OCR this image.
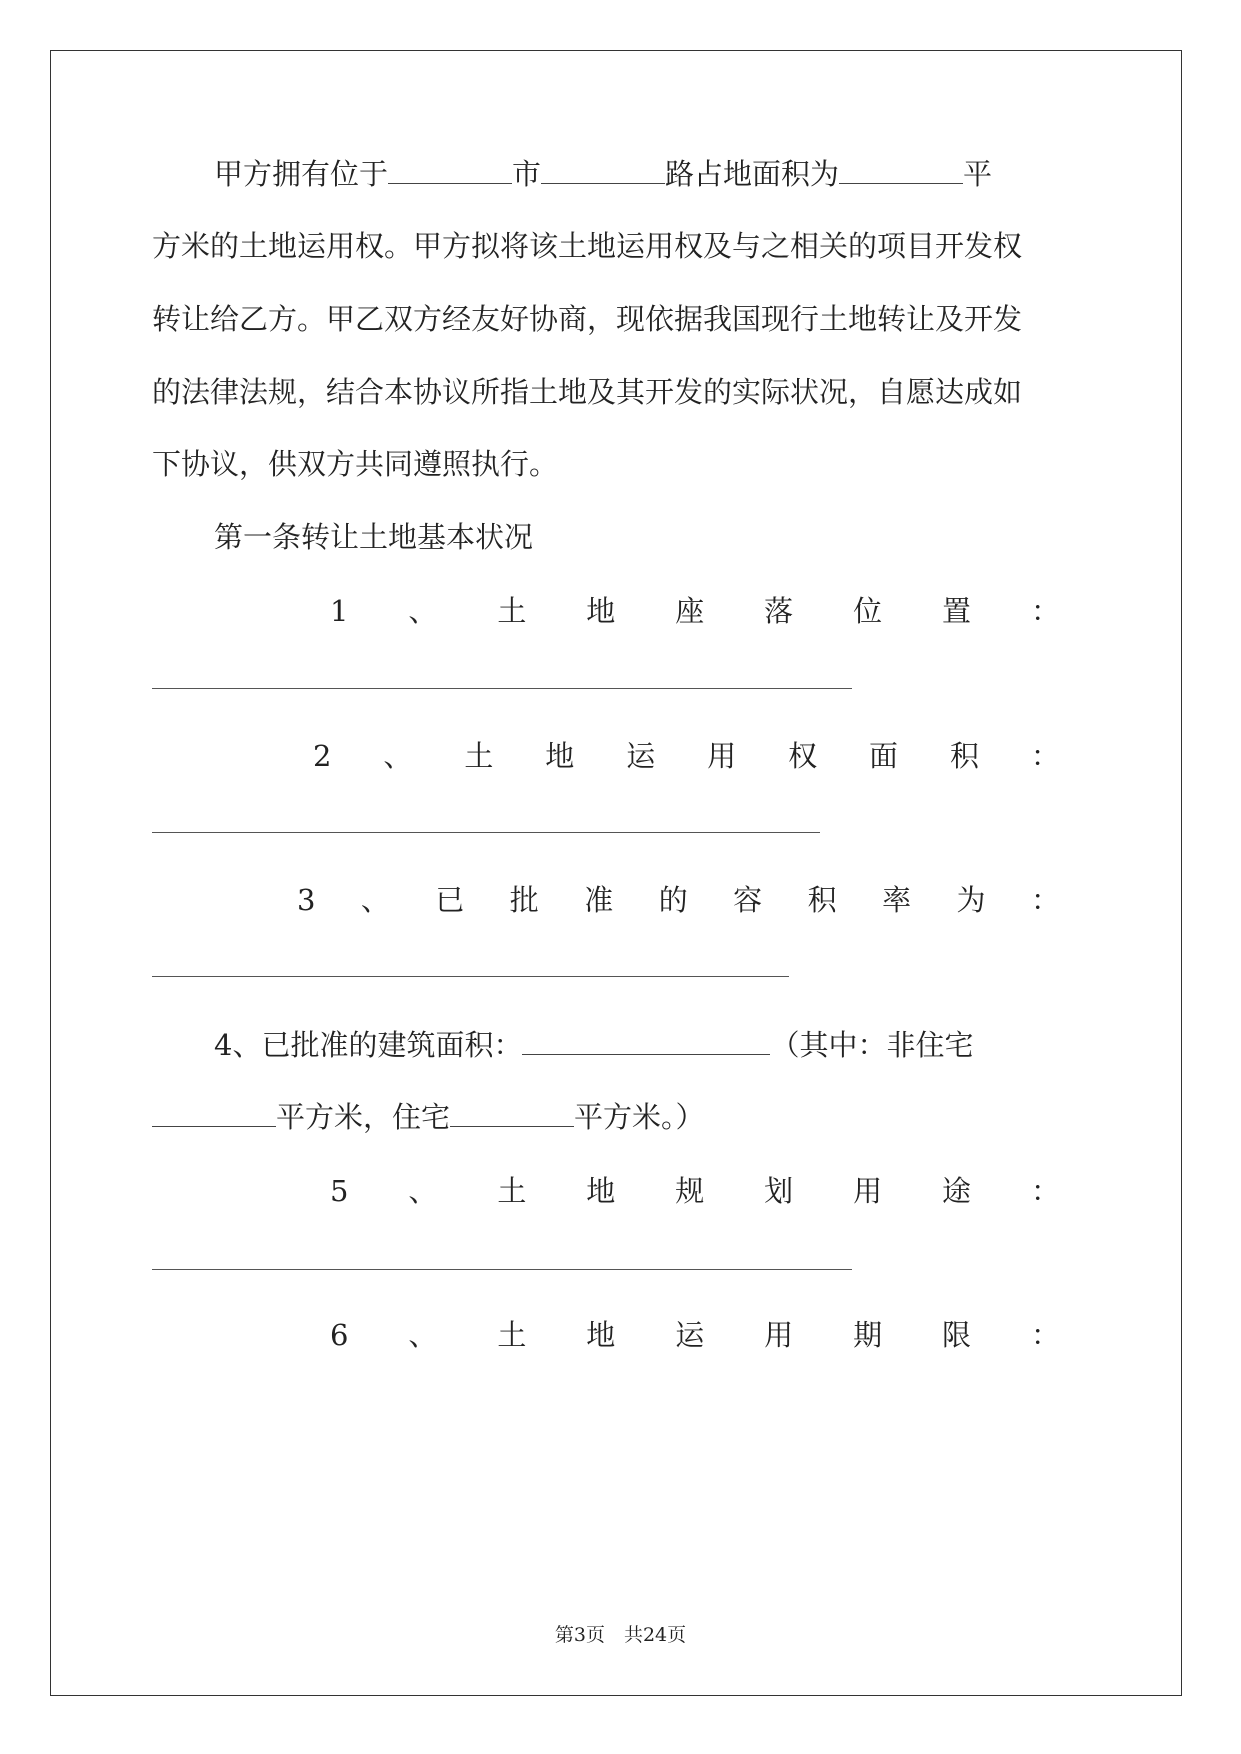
甲方拥有位于	市	路占地面积为	平
方米的土地运用权。甲方拟将该土地运用权及与之相关的项目开发权
转让给乙方。甲乙双方经友好协商，现依据我国现行土地转让及开发
的法律法规，结合本协议所指土地及其开发的实际状况，自愿达成如
下协议，供双方共同遵照执行。
第一条转让土地基本状况
1 、 土 地 座 落 位 置 ：
2 、 土 地 运 用 权 面 积 ：
3 、 已 批 准 的 容 积 率 为 ：
4、已批准的建筑面积：	（其中：非住宅
平方米，住宅	平方米。）
5 、 土 地 规 划 用 途 ：
6 、 土 地 运 用 期 限 ：
第3页　共24页
